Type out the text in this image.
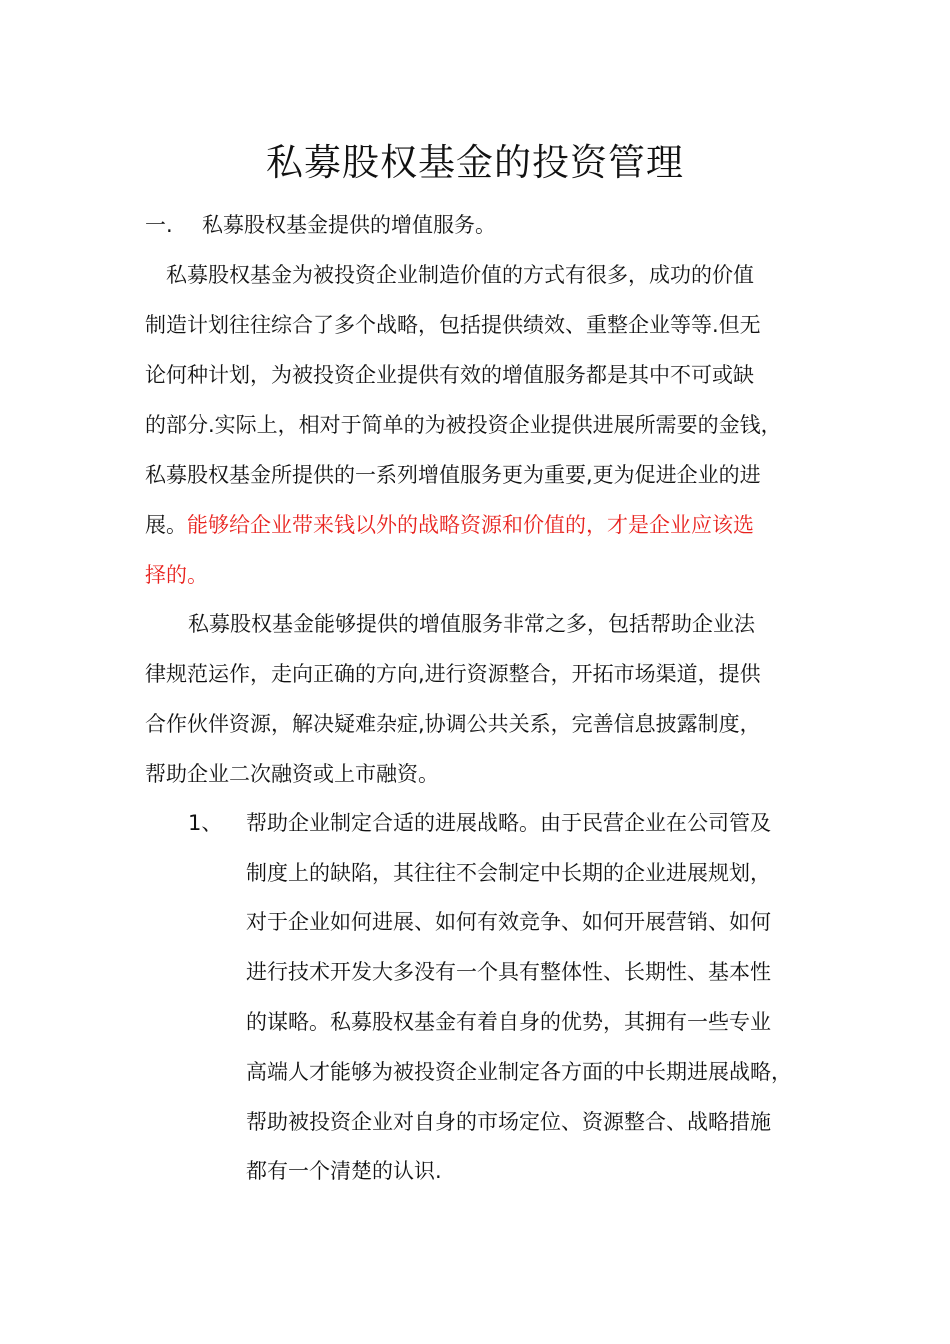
私募股权基金的投资管理
一. 私募股权基金提供的增值服务。
私募股权基金为被投资企业制造价值的方式有很多，成功的价值
制造计划往往综合了多个战略，包括提供绩效、重整企业等等.但无
论何种计划，为被投资企业提供有效的增值服务都是其中不可或缺
的部分.实际上，相对于简单的为被投资企业提供进展所需要的金钱，
私募股权基金所提供的一系列增值服务更为重要,更为促进企业的进
展。能够给企业带来钱以外的战略资源和价值的，才是企业应该选
择的。
私募股权基金能够提供的增值服务非常之多，包括帮助企业法
律规范运作，走向正确的方向,进行资源整合，开拓市场渠道，提供
合作伙伴资源，解决疑难杂症,协调公共关系，完善信息披露制度，
帮助企业二次融资或上市融资。
1、 帮助企业制定合适的进展战略。由于民营企业在公司管及
制度上的缺陷，其往往不会制定中长期的企业进展规划，
对于企业如何进展、如何有效竞争、如何开展营销、如何
进行技术开发大多没有一个具有整体性、长期性、基本性
的谋略。私募股权基金有着自身的优势，其拥有一些专业
高端人才能够为被投资企业制定各方面的中长期进展战略，
帮助被投资企业对自身的市场定位、资源整合、战略措施
都有一个清楚的认识.
